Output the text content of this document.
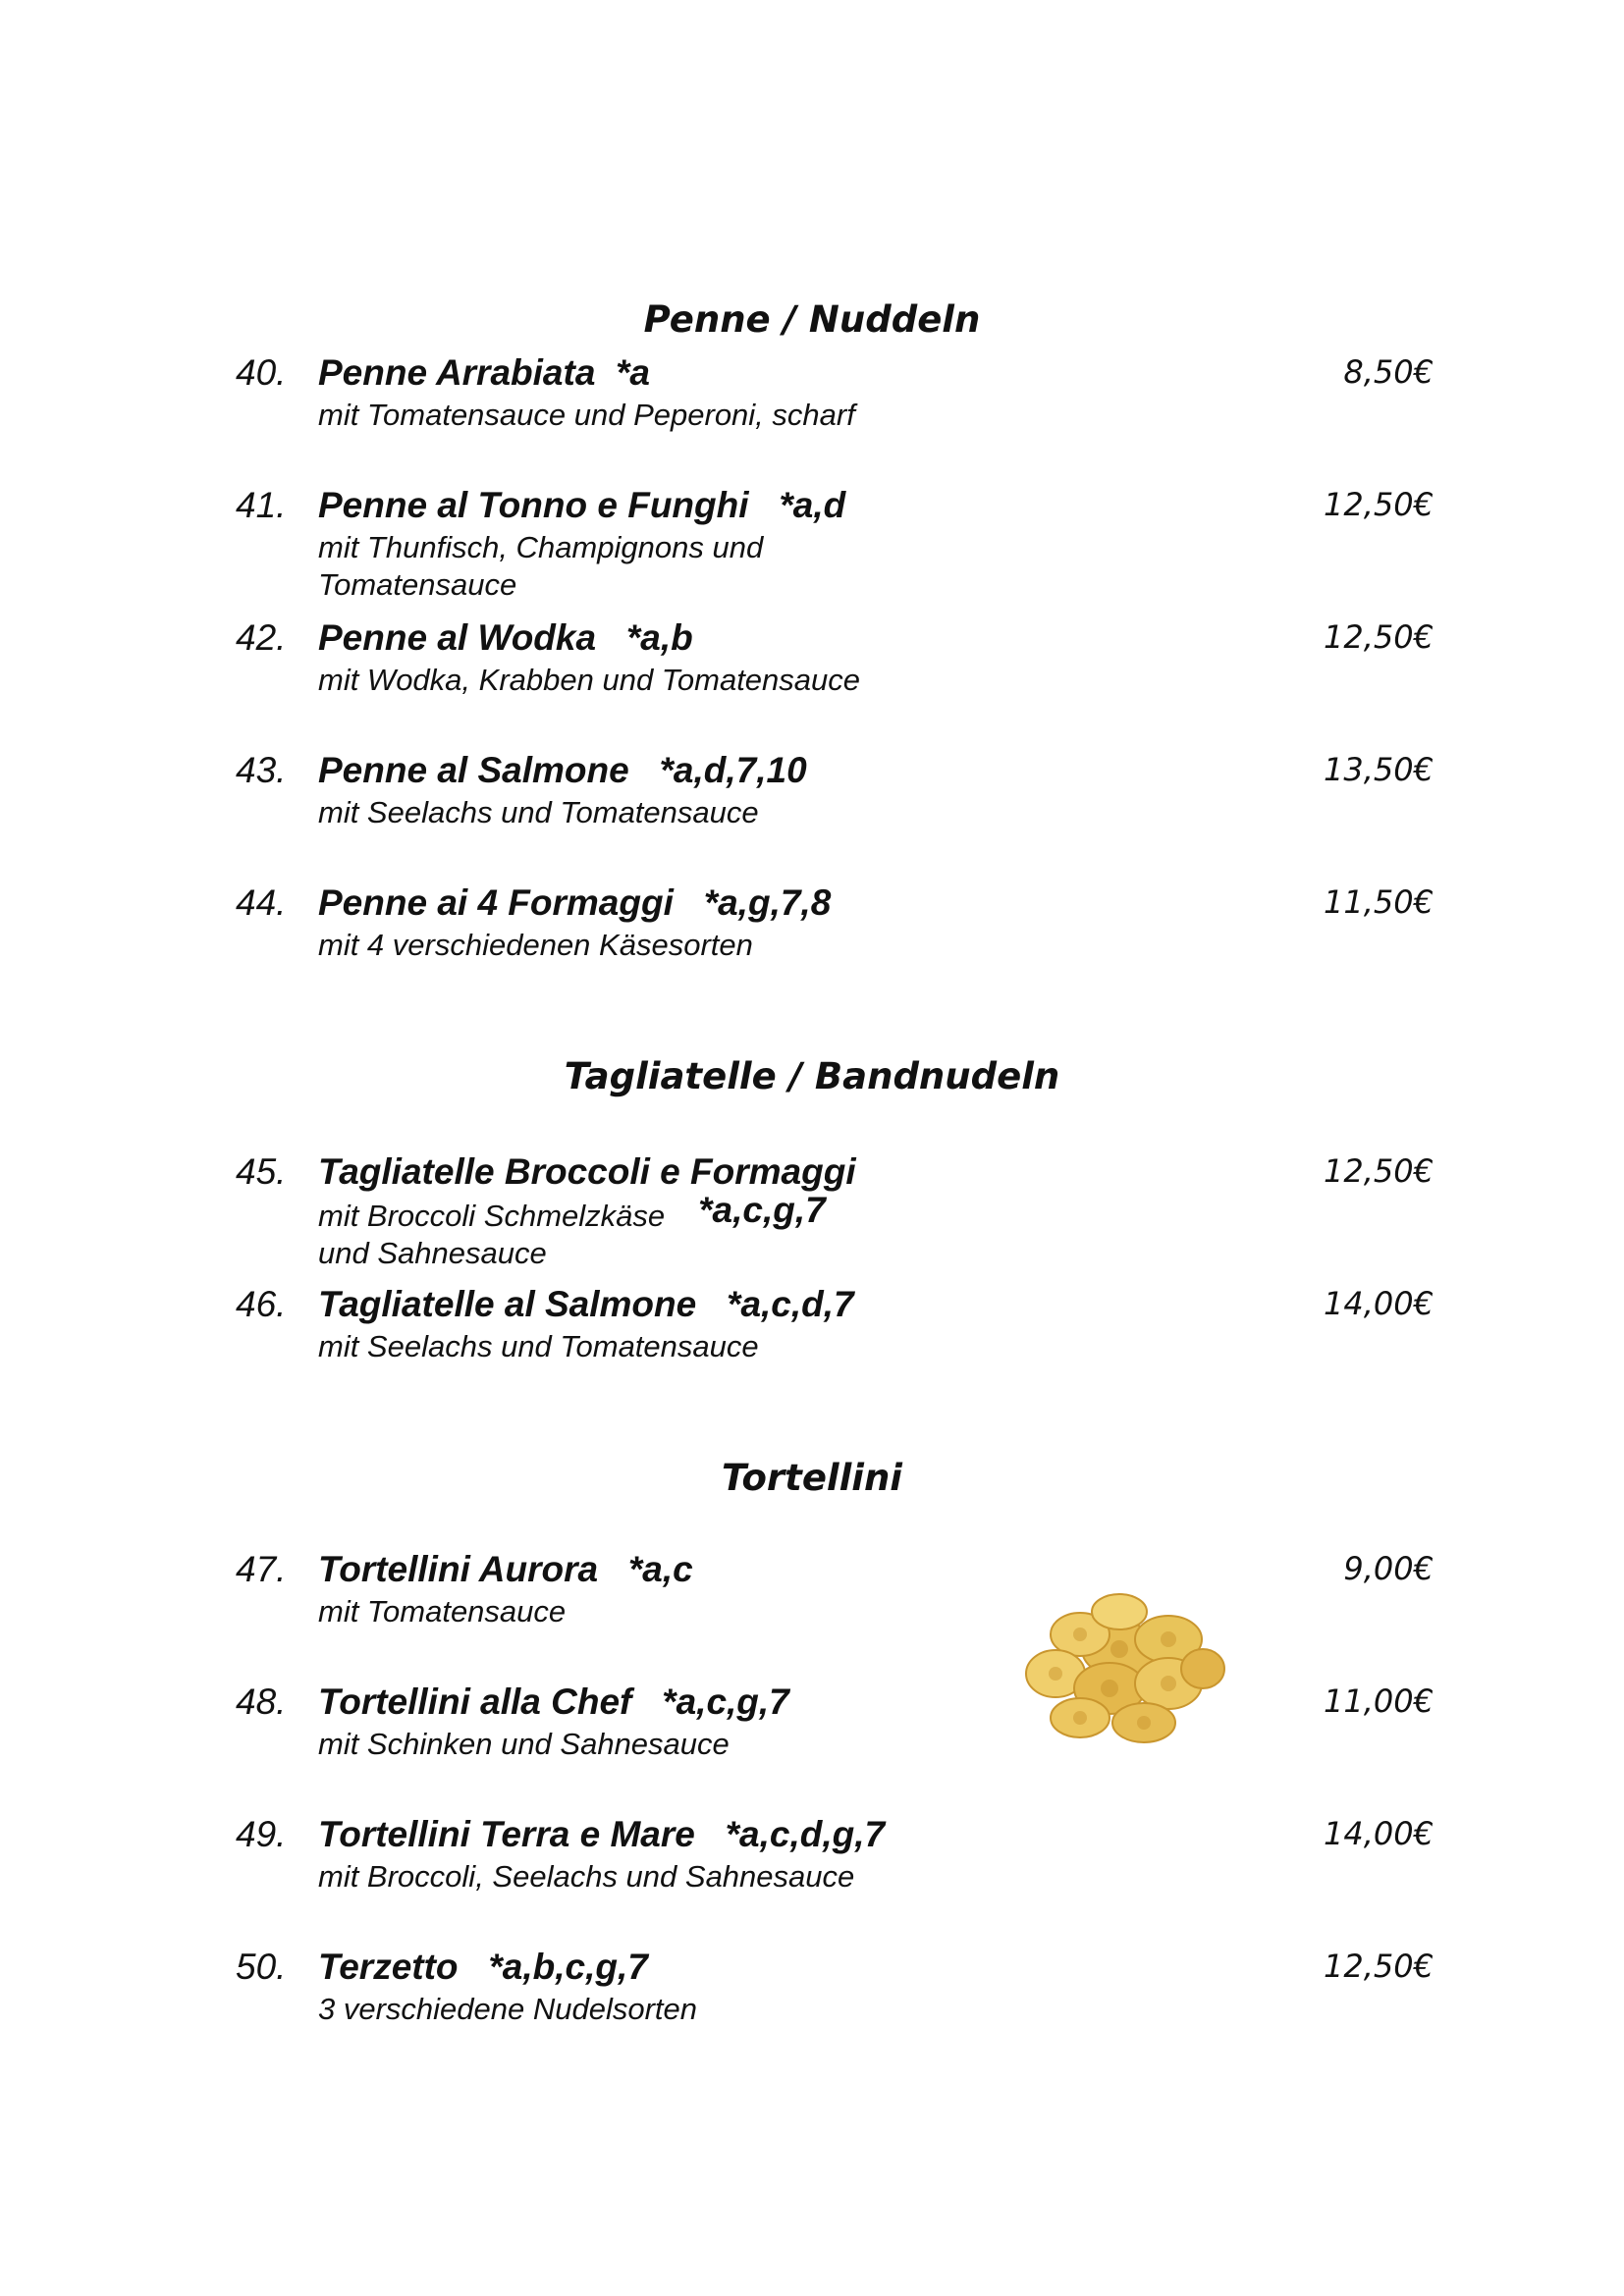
Penne / Nuddeln
40. Penne Arrabiata  *a	8,50€
mit Tomatensauce und Peperoni, scharf
41. Penne al Tonno e Funghi   *a,d	12,50€
mit Thunfisch, Champignons und
Tomatensauce
42. Penne al Wodka   *a,b	12,50€
mit Wodka, Krabben und Tomatensauce
43. Penne al Salmone   *a,d,7,10	13,50€
mit Seelachs und Tomatensauce
44. Penne ai 4 Formaggi   *a,g,7,8	11,50€
mit 4 verschiedenen Käsesorten
Tagliatelle / Bandnudeln
45. Tagliatelle Broccoli e Formaggi	12,50€
mit Broccoli Schmelzkäse *a,c,g,7
und Sahnesauce
46. Tagliatelle al Salmone   *a,c,d,7	14,00€
mit Seelachs und Tomatensauce
Tortellini
47. Tortellini Aurora   *a,c	9,00€
mit Tomatensauce
48. Tortellini alla Chef   *a,c,g,7	11,00€
mit Schinken und Sahnesauce
49. Tortellini Terra e Mare   *a,c,d,g,7	14,00€
mit Broccoli, Seelachs und Sahnesauce
50. Terzetto   *a,b,c,g,7	12,50€
3 verschiedene Nudelsorten
